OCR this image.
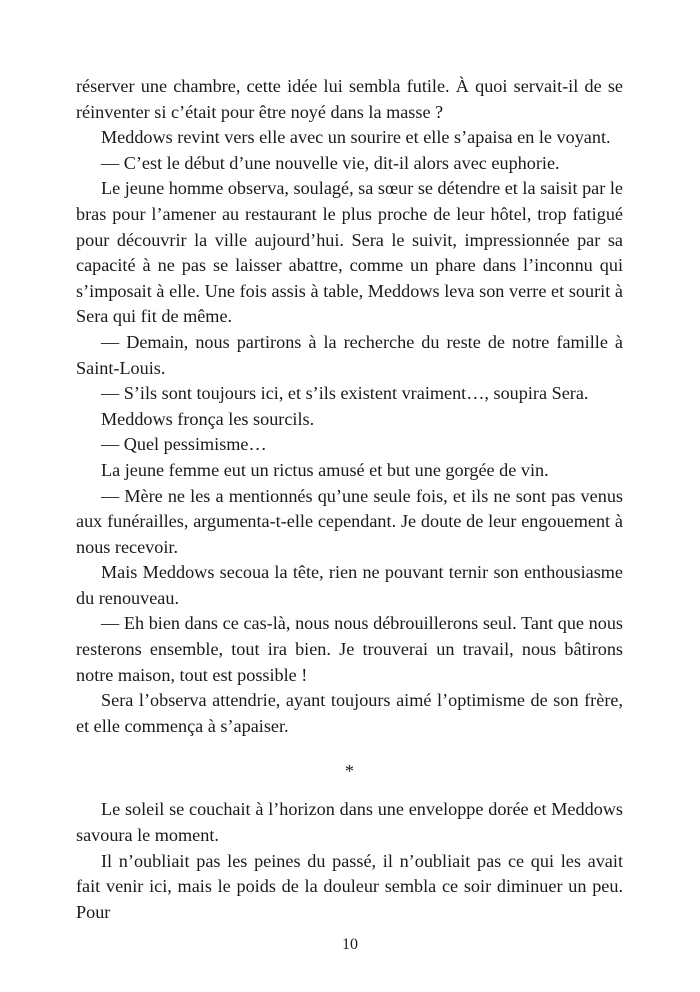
réserver une chambre, cette idée lui sembla futile. À quoi servait-il de se réinventer si c’était pour être noyé dans la masse ?

Meddows revint vers elle avec un sourire et elle s’apaisa en le voyant.

— C’est le début d’une nouvelle vie, dit-il alors avec euphorie.

Le jeune homme observa, soulagé, sa sœur se détendre et la saisit par le bras pour l’amener au restaurant le plus proche de leur hôtel, trop fatigué pour découvrir la ville aujourd’hui. Sera le suivit, impressionnée par sa capacité à ne pas se laisser abattre, comme un phare dans l’inconnu qui s’imposait à elle. Une fois assis à table, Meddows leva son verre et sourit à Sera qui fit de même.

— Demain, nous partirons à la recherche du reste de notre famille à Saint-Louis.

— S’ils sont toujours ici, et s’ils existent vraiment…, soupira Sera.

Meddows fronça les sourcils.

— Quel pessimisme…

La jeune femme eut un rictus amusé et but une gorgée de vin.

— Mère ne les a mentionnés qu’une seule fois, et ils ne sont pas venus aux funérailles, argumenta-t-elle cependant. Je doute de leur engouement à nous recevoir.

Mais Meddows secoua la tête, rien ne pouvant ternir son enthousiasme du renouveau.

— Eh bien dans ce cas-là, nous nous débrouillerons seul. Tant que nous resterons ensemble, tout ira bien. Je trouverai un travail, nous bâtirons notre maison, tout est possible !

Sera l’observa attendrie, ayant toujours aimé l’optimisme de son frère, et elle commença à s’apaiser.

*

Le soleil se couchait à l’horizon dans une enveloppe dorée et Meddows savoura le moment.

Il n’oubliait pas les peines du passé, il n’oubliait pas ce qui les avait fait venir ici, mais le poids de la douleur sembla ce soir diminuer un peu. Pour

10
